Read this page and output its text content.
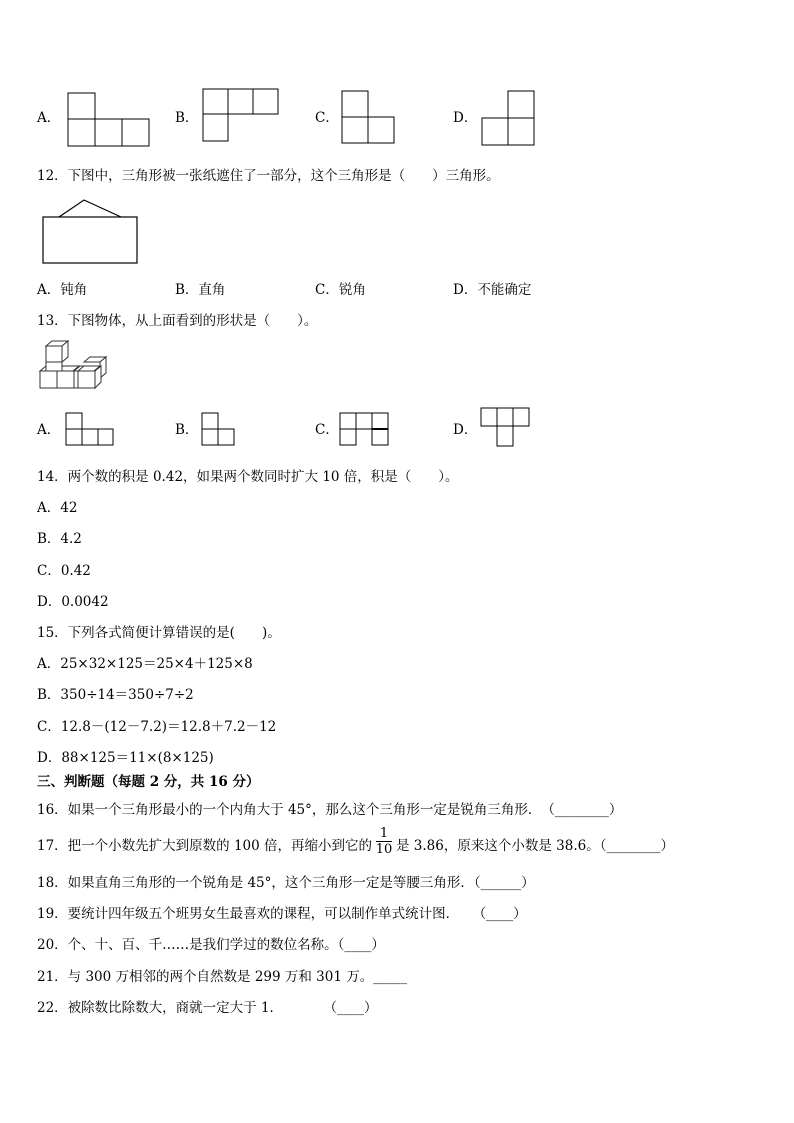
A．	B．	C．	D．
12．下图中，三角形被一张纸遮住了一部分，这个三角形是（　　）三角形。
A．钝角	B．直角	C．锐角	D．不能确定
13．下图物体，从上面看到的形状是（　　）。
A．	B．	C．	D．
14．两个数的积是 0.42，如果两个数同时扩大 10 倍，积是（　　）。
A．42
B．4.2
C．0.42
D．0.0042
15．下列各式简便计算错误的是(　　)。
A．25×32×125＝25×4＋125×8
B．350÷14＝350÷7÷2
C．12.8－(12－7.2)＝12.8＋7.2－12
D．88×125＝11×(8×125)
三、判断题（每题 2 分，共 16 分）
16．如果一个三角形最小的一个内角大于 45°，那么这个三角形一定是锐角三角形．　（________）
17．把一个小数先扩大到原数的 100 倍，再缩小到它的
1
10 是 3.86，原来这个小数是 38.6。（________）
18．如果直角三角形的一个锐角是 45°，这个三角形一定是等腰三角形．（______）
19．要统计四年级五个班男女生最喜欢的课程，可以制作单式统计图．　　（____）
20．个、十、百、千……是我们学过的数位名称。（____）
21．与 300 万相邻的两个自然数是 299 万和 301 万。_____
22．被除数比除数大，商就一定大于 1．　　　　（____）
